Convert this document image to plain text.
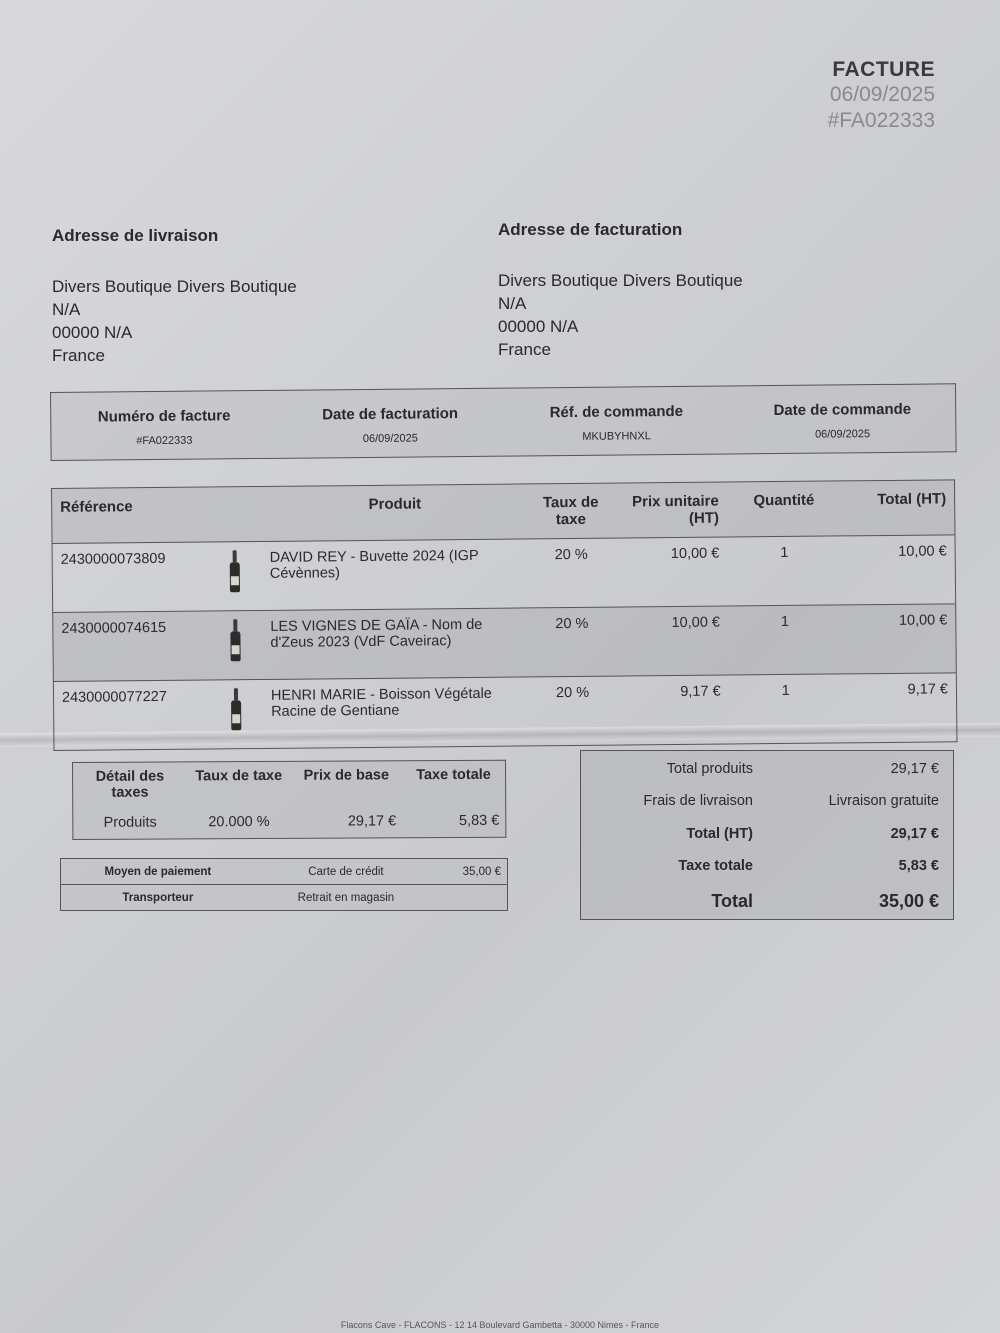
FACTURE
06/09/2025
#FA022333
Adresse de livraison
Divers Boutique Divers Boutique
N/A
00000 N/A
France
Adresse de facturation
Divers Boutique Divers Boutique
N/A
00000 N/A
France
Numéro de facture	Date de facturation	Réf. de commande	Date de commande
#FA022333	06/09/2025	MKUBYHNXL	06/09/2025
Référence		Produit	Taux de taxe	Prix unitaire (HT)	Quantité	Total (HT)
2430000073809		DAVID REY - Buvette 2024 (IGP Cévènnes)	20 %	10,00 €	1	10,00 €
2430000074615		LES VIGNES DE GAÏA - Nom de d'Zeus 2023 (VdF Caveirac)	20 %	10,00 €	1	10,00 €
2430000077227		HENRI MARIE - Boisson Végétale Racine de Gentiane	20 %	9,17 €	1	9,17 €
Détail des taxes	Taux de taxe	Prix de base	Taxe totale
Produits	20.000 %	29,17 €	5,83 €
Moyen de paiement	Carte de crédit	35,00 €
Transporteur	Retrait en magasin	
Total produits	29,17 €
Frais de livraison	Livraison gratuite
Total (HT)	29,17 €
Taxe totale	5,83 €
Total	35,00 €
Flacons Cave - FLACONS - 12 14 Boulevard Gambetta - 30000 Nimes - France
